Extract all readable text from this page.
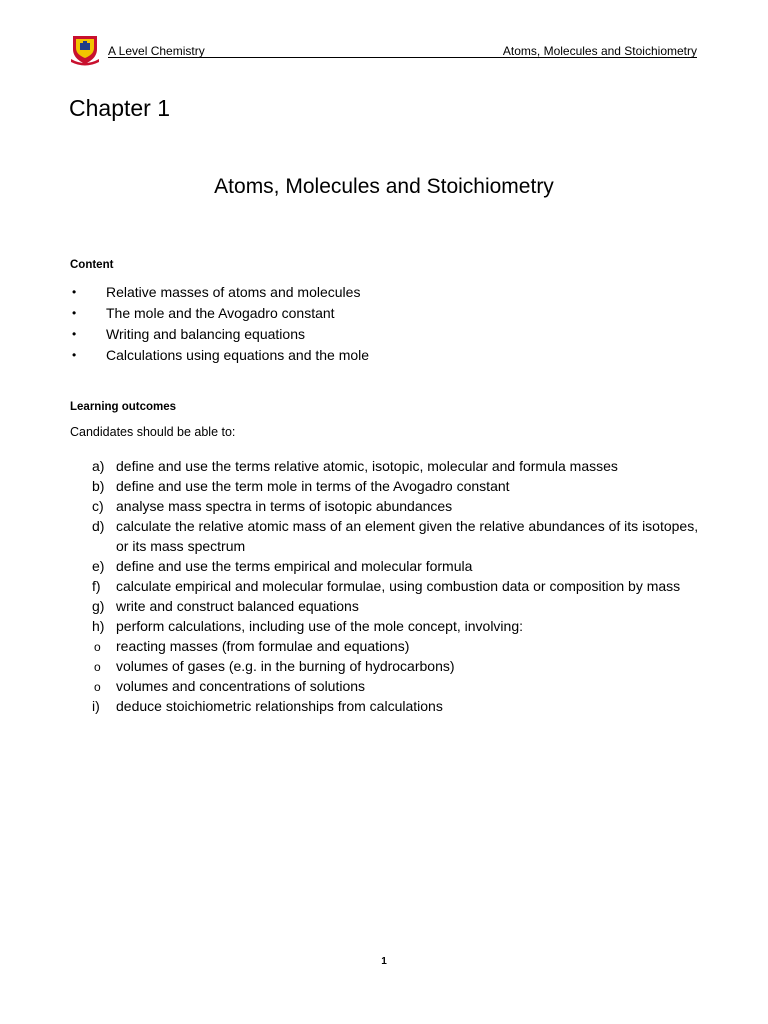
A Level Chemistry	Atoms, Molecules and Stoichiometry
Chapter 1
Atoms, Molecules and Stoichiometry
Content
• Relative masses of atoms and molecules
• The mole and the Avogadro constant
• Writing and balancing equations
• Calculations using equations and the mole
Learning outcomes
Candidates should be able to:
a) define and use the terms relative atomic, isotopic, molecular and formula masses
b) define and use the term mole in terms of the Avogadro constant
c) analyse mass spectra in terms of isotopic abundances
d) calculate the relative atomic mass of an element given the relative abundances of its isotopes, or its mass spectrum
e) define and use the terms empirical and molecular formula
f) calculate empirical and molecular formulae, using combustion data or composition by mass
g) write and construct balanced equations
h) perform calculations, including use of the mole concept, involving:
o reacting masses (from formulae and equations)
o volumes of gases (e.g. in the burning of hydrocarbons)
o volumes and concentrations of solutions
i) deduce stoichiometric relationships from calculations
1
